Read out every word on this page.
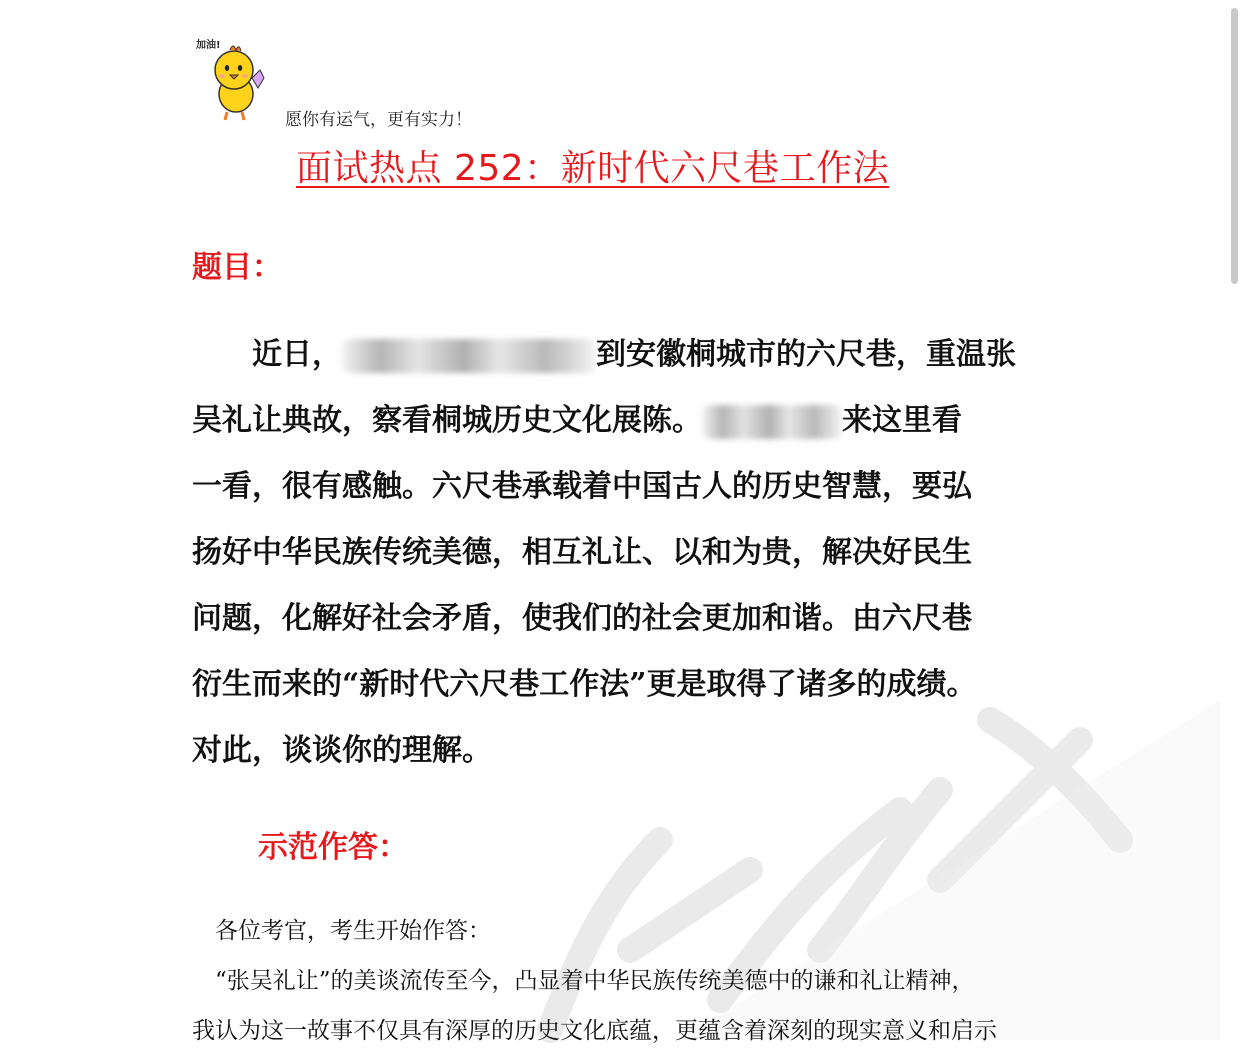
加油!
愿你有运气，更有实力！
面试热点 252：新时代六尺巷工作法
题目：
近日，	到安徽桐城市的六尺巷，重温张
吴礼让典故，察看桐城历史文化展陈。	来这里看
一看，很有感触。六尺巷承载着中国古人的历史智慧，要弘
扬好中华民族传统美德，相互礼让、以和为贵，解决好民生
问题，化解好社会矛盾，使我们的社会更加和谐。由六尺巷
衍生而来的“新时代六尺巷工作法”更是取得了诸多的成绩。
对此，谈谈你的理解。
示范作答：
　各位考官，考生开始作答：
　“张吴礼让”的美谈流传至今，凸显着中华民族传统美德中的谦和礼让精神，
我认为这一故事不仅具有深厚的历史文化底蕴，更蕴含着深刻的现实意义和启示
